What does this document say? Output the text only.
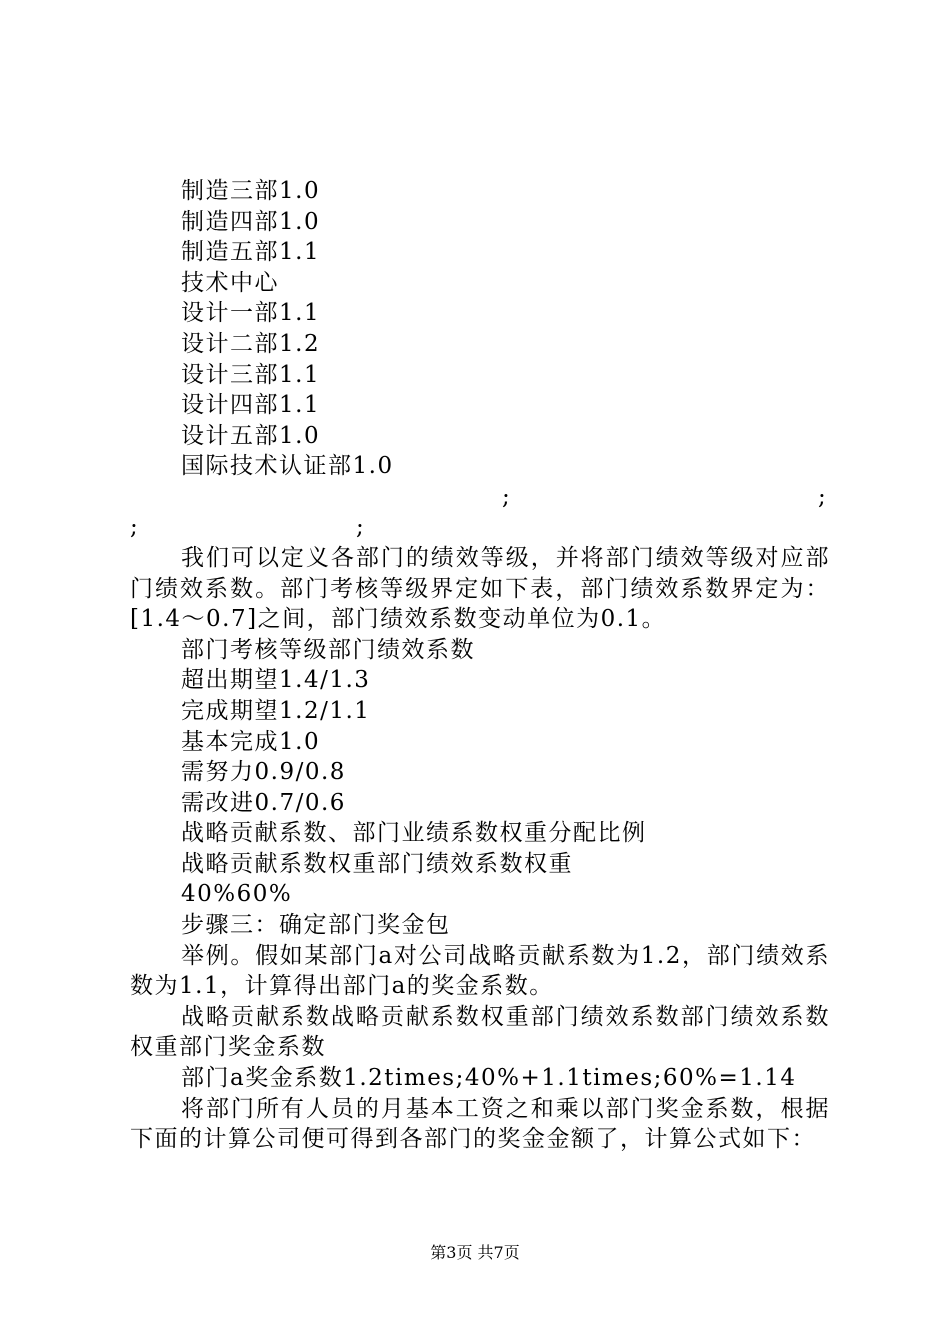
制造三部1.0

制造四部1.0

制造五部1.1

技术中心

设计一部1.1

设计二部1.2

设计三部1.1

设计四部1.1

设计五部1.0

国际技术认证部1.0

;	;
;	;

我们可以定义各部门的绩效等级，并将部门绩效等级对应部门绩效系数。部门考核等级界定如下表，部门绩效系数界定为：[1.4～0.7]之间，部门绩效系数变动单位为0.1。

部门考核等级部门绩效系数

超出期望1.4/1.3

完成期望1.2/1.1

基本完成1.0

需努力0.9/0.8

需改进0.7/0.6

战略贡献系数、部门业绩系数权重分配比例

战略贡献系数权重部门绩效系数权重

40%60%

步骤三：确定部门奖金包

举例。假如某部门a对公司战略贡献系数为1.2，部门绩效系数为1.1，计算得出部门a的奖金系数。

战略贡献系数战略贡献系数权重部门绩效系数部门绩效系数权重部门奖金系数

部门a奖金系数1.2times;40%+1.1times;60%=1.14

将部门所有人员的月基本工资之和乘以部门奖金系数，根据下面的计算公司便可得到各部门的奖金金额了，计算公式如下：

第3页 共7页
